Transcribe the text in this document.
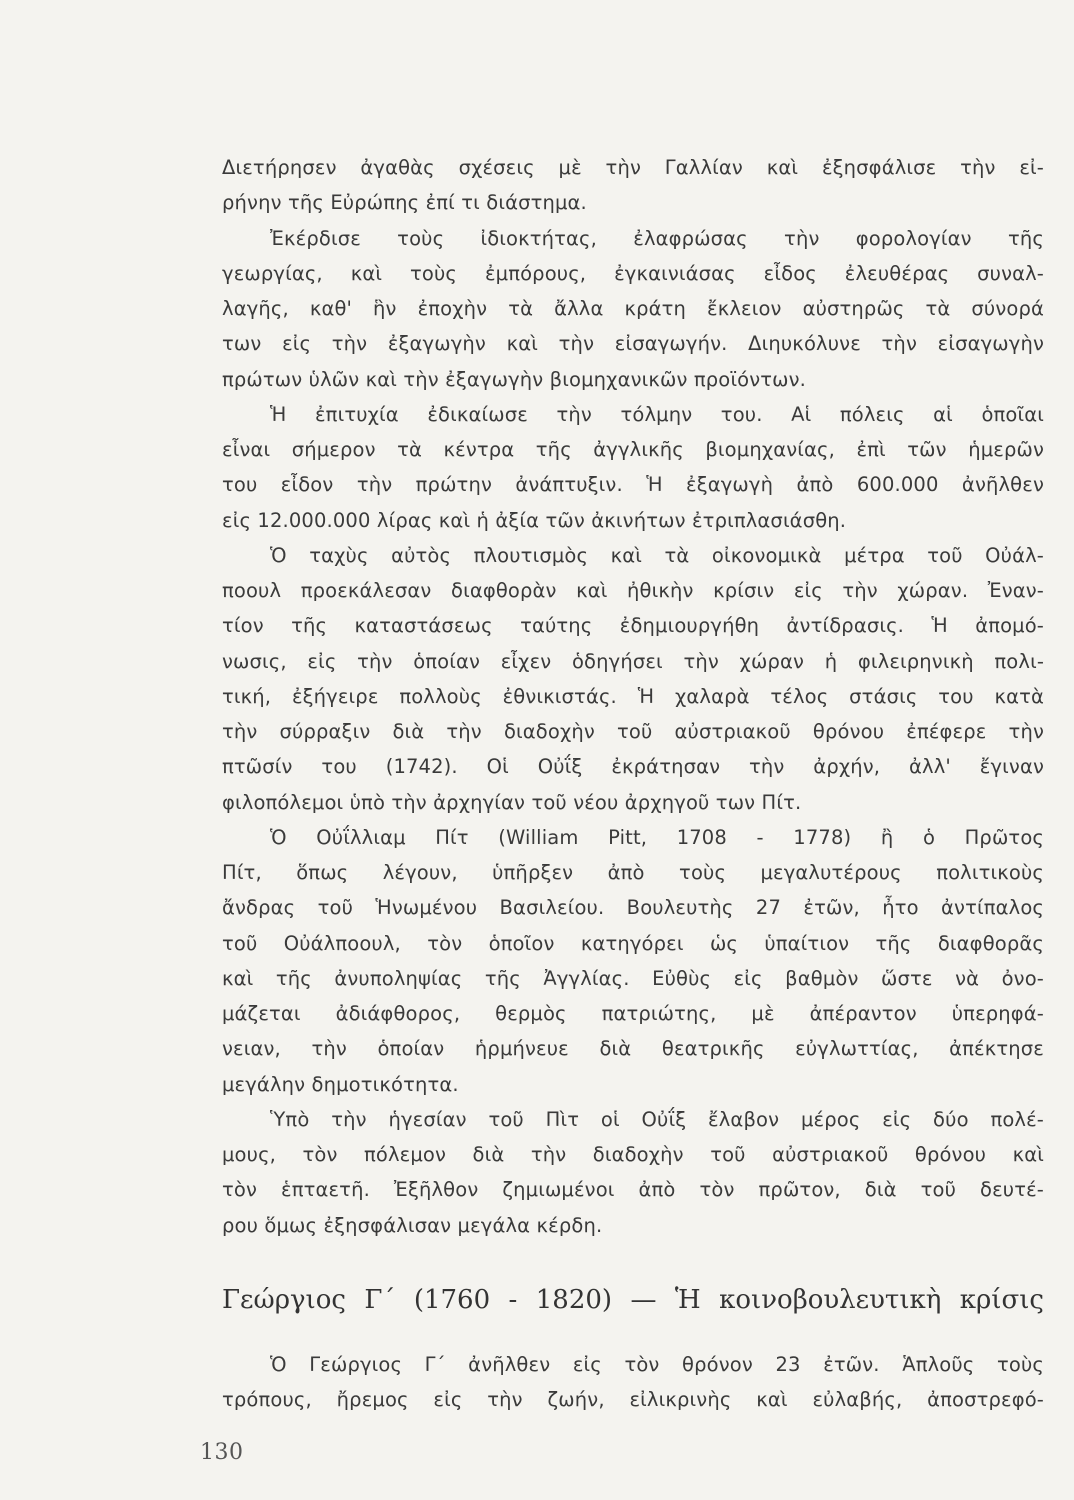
Διετήρησεν ἀγαθὰς σχέσεις μὲ τὴν Γαλλίαν καὶ ἐξησφάλισε τὴν εἰ-
ρήνην τῆς Εὐρώπης ἐπί τι διάστημα.
Ἐκέρδισε τοὺς ἰδιοκτήτας, ἐλαφρώσας τὴν φορολογίαν τῆς
γεωργίας, καὶ τοὺς ἐμπόρους, ἐγκαινιάσας εἶδος ἐλευθέρας συναλ-
λαγῆς, καθ' ἣν ἐποχὴν τὰ ἄλλα κράτη ἔκλειον αὐστηρῶς τὰ σύνορά
των εἰς τὴν ἐξαγωγὴν καὶ τὴν εἰσαγωγήν. Διηυκόλυνε τὴν εἰσαγωγὴν
πρώτων ὑλῶν καὶ τὴν ἐξαγωγὴν βιομηχανικῶν προϊόντων.
Ἡ ἐπιτυχία ἐδικαίωσε τὴν τόλμην του. Αἱ πόλεις αἱ ὁποῖαι
εἶναι σήμερον τὰ κέντρα τῆς ἀγγλικῆς βιομηχανίας, ἐπὶ τῶν ἡμερῶν
του εἶδον τὴν πρώτην ἀνάπτυξιν. Ἡ ἐξαγωγὴ ἀπὸ 600.000 ἀνῆλθεν
εἰς 12.000.000 λίρας καὶ ἡ ἀξία τῶν ἀκινήτων ἐτριπλασιάσθη.
Ὁ ταχὺς αὐτὸς πλουτισμὸς καὶ τὰ οἰκονομικὰ μέτρα τοῦ Οὐάλ-
ποουλ προεκάλεσαν διαφθορὰν καὶ ἠθικὴν κρίσιν εἰς τὴν χώραν. Ἐναν-
τίον τῆς καταστάσεως ταύτης ἐδημιουργήθη ἀντίδρασις. Ἡ ἀπομό-
νωσις, εἰς τὴν ὁποίαν εἶχεν ὁδηγήσει τὴν χώραν ἡ φιλειρηνικὴ πολι-
τική, ἐξήγειρε πολλοὺς ἐθνικιστάς. Ἡ χαλαρὰ τέλος στάσις του κατὰ
τὴν σύρραξιν διὰ τὴν διαδοχὴν τοῦ αὐστριακοῦ θρόνου ἐπέφερε τὴν
πτῶσίν του (1742). Οἱ Οὐΐξ ἐκράτησαν τὴν ἀρχήν, ἀλλ' ἔγιναν
φιλοπόλεμοι ὑπὸ τὴν ἀρχηγίαν τοῦ νέου ἀρχηγοῦ των Πίτ.
Ὁ Οὐΐλλιαμ Πίτ (William Pitt, 1708 - 1778) ἢ ὁ Πρῶτος
Πίτ, ὅπως λέγουν, ὑπῆρξεν ἀπὸ τοὺς μεγαλυτέρους πολιτικοὺς
ἄνδρας τοῦ Ἡνωμένου Βασιλείου. Βουλευτὴς 27 ἐτῶν, ἦτο ἀντίπαλος
τοῦ Οὐάλποουλ, τὸν ὁποῖον κατηγόρει ὡς ὑπαίτιον τῆς διαφθορᾶς
καὶ τῆς ἀνυποληψίας τῆς Ἀγγλίας. Εὐθὺς εἰς βαθμὸν ὥστε νὰ ὀνο-
μάζεται ἀδιάφθορος, θερμὸς πατριώτης, μὲ ἀπέραντον ὑπερηφά-
νειαν, τὴν ὁποίαν ἡρμήνευε διὰ θεατρικῆς εὐγλωττίας, ἀπέκτησε
μεγάλην δημοτικότητα.
Ὑπὸ τὴν ἡγεσίαν τοῦ Πὶτ οἱ Οὐΐξ ἔλαβον μέρος εἰς δύο πολέ-
μους, τὸν πόλεμον διὰ τὴν διαδοχὴν τοῦ αὐστριακοῦ θρόνου καὶ
τὸν ἑπταετῆ. Ἐξῆλθον ζημιωμένοι ἀπὸ τὸν πρῶτον, διὰ τοῦ δευτέ-
ρου ὅμως ἐξησφάλισαν μεγάλα κέρδη.
Γεώργιος Γ΄ (1760 - 1820) — Ἡ κοινοβουλευτικὴ κρίσις
Ὁ Γεώργιος Γ΄ ἀνῆλθεν εἰς τὸν θρόνον 23 ἐτῶν. Ἁπλοῦς τοὺς
τρόπους, ἤρεμος εἰς τὴν ζωήν, εἰλικρινὴς καὶ εὐλαβής, ἀποστρεφό-
130
